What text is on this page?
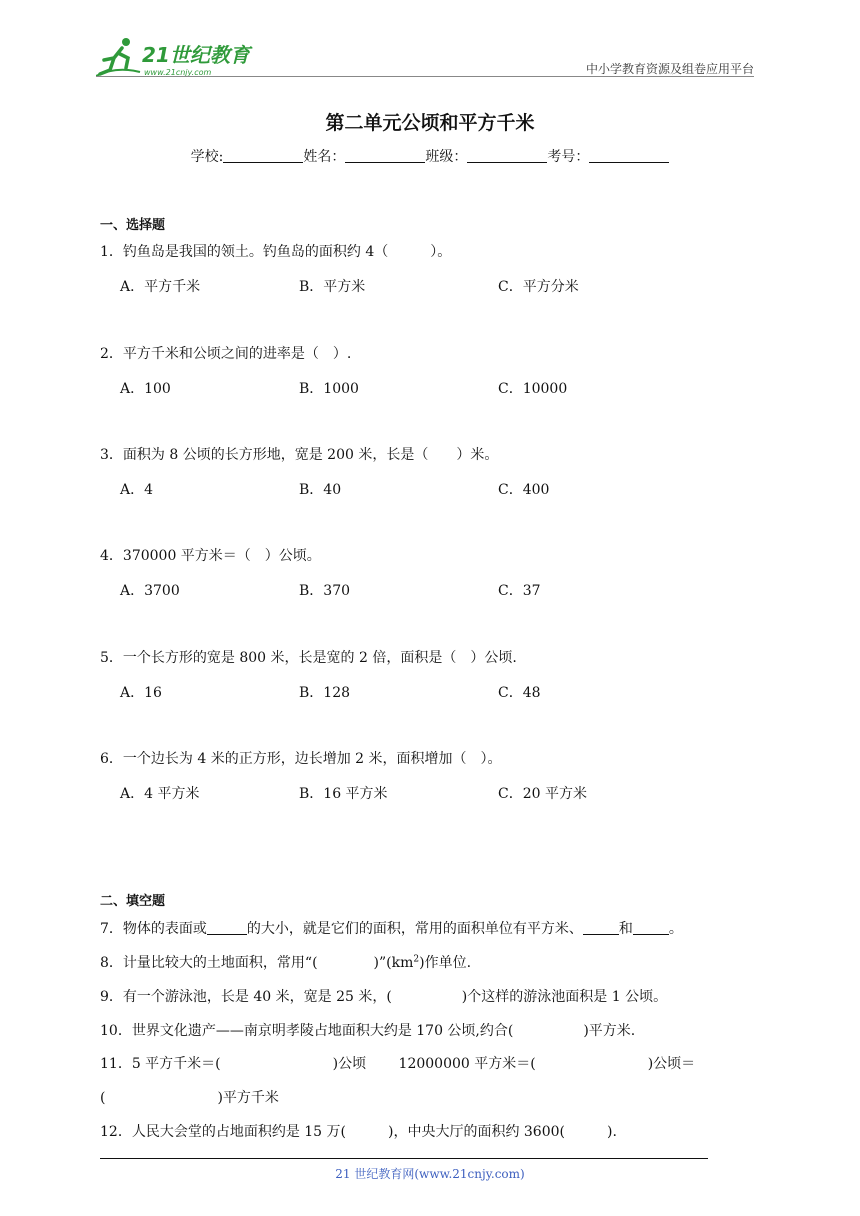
21世纪教育
www.21cnjy.com	中小学教育资源及组卷应用平台
第二单元公顷和平方千米
学校:	姓名：	班级：	考号：
一、选择题
1．钓鱼岛是我国的领土。钓鱼岛的面积约 4（　　　）。
A．平方千米	B．平方米	C．平方分米
2．平方千米和公顷之间的进率是（　）.
A．100	B．1000	C．10000
3．面积为 8 公顷的长方形地，宽是 200 米，长是（　　）米。
A．4	B．40	C．400
4．370000 平方米＝（　）公顷。
A．3700	B．370	C．37
5．一个长方形的宽是 800 米，长是宽的 2 倍，面积是（　）公顷.
A．16	B．128	C．48
6．一个边长为 4 米的正方形，边长增加 2 米，面积增加（　）。
A．4 平方米	B．16 平方米	C．20 平方米
二、填空题
7．物体的表面或	的大小，就是它们的面积，常用的面积单位有平方米、	和	。
8．计量比较大的土地面积，常用“(　　　　)$”(km^2)$作单位.
9．有一个游泳池，长是 40 米，宽是 25 米，(　　　　　)个这样的游泳池面积是 1 公顷。
10．世界文化遗产——南京明孝陵占地面积大约是 170 公顷,约合(　　　　　)平方米.
11．5 平方千米＝(　　　　　　　　)公顷　　 12000000 平方米＝(　　　　　　　　)公顷＝
(　　　　　　　　)平方千米
12．人民大会堂的占地面积约是 15 万(　　　)，中央大厅的面积约 3600(　　　).
21 世纪教育网(www.21cnjy.com)
